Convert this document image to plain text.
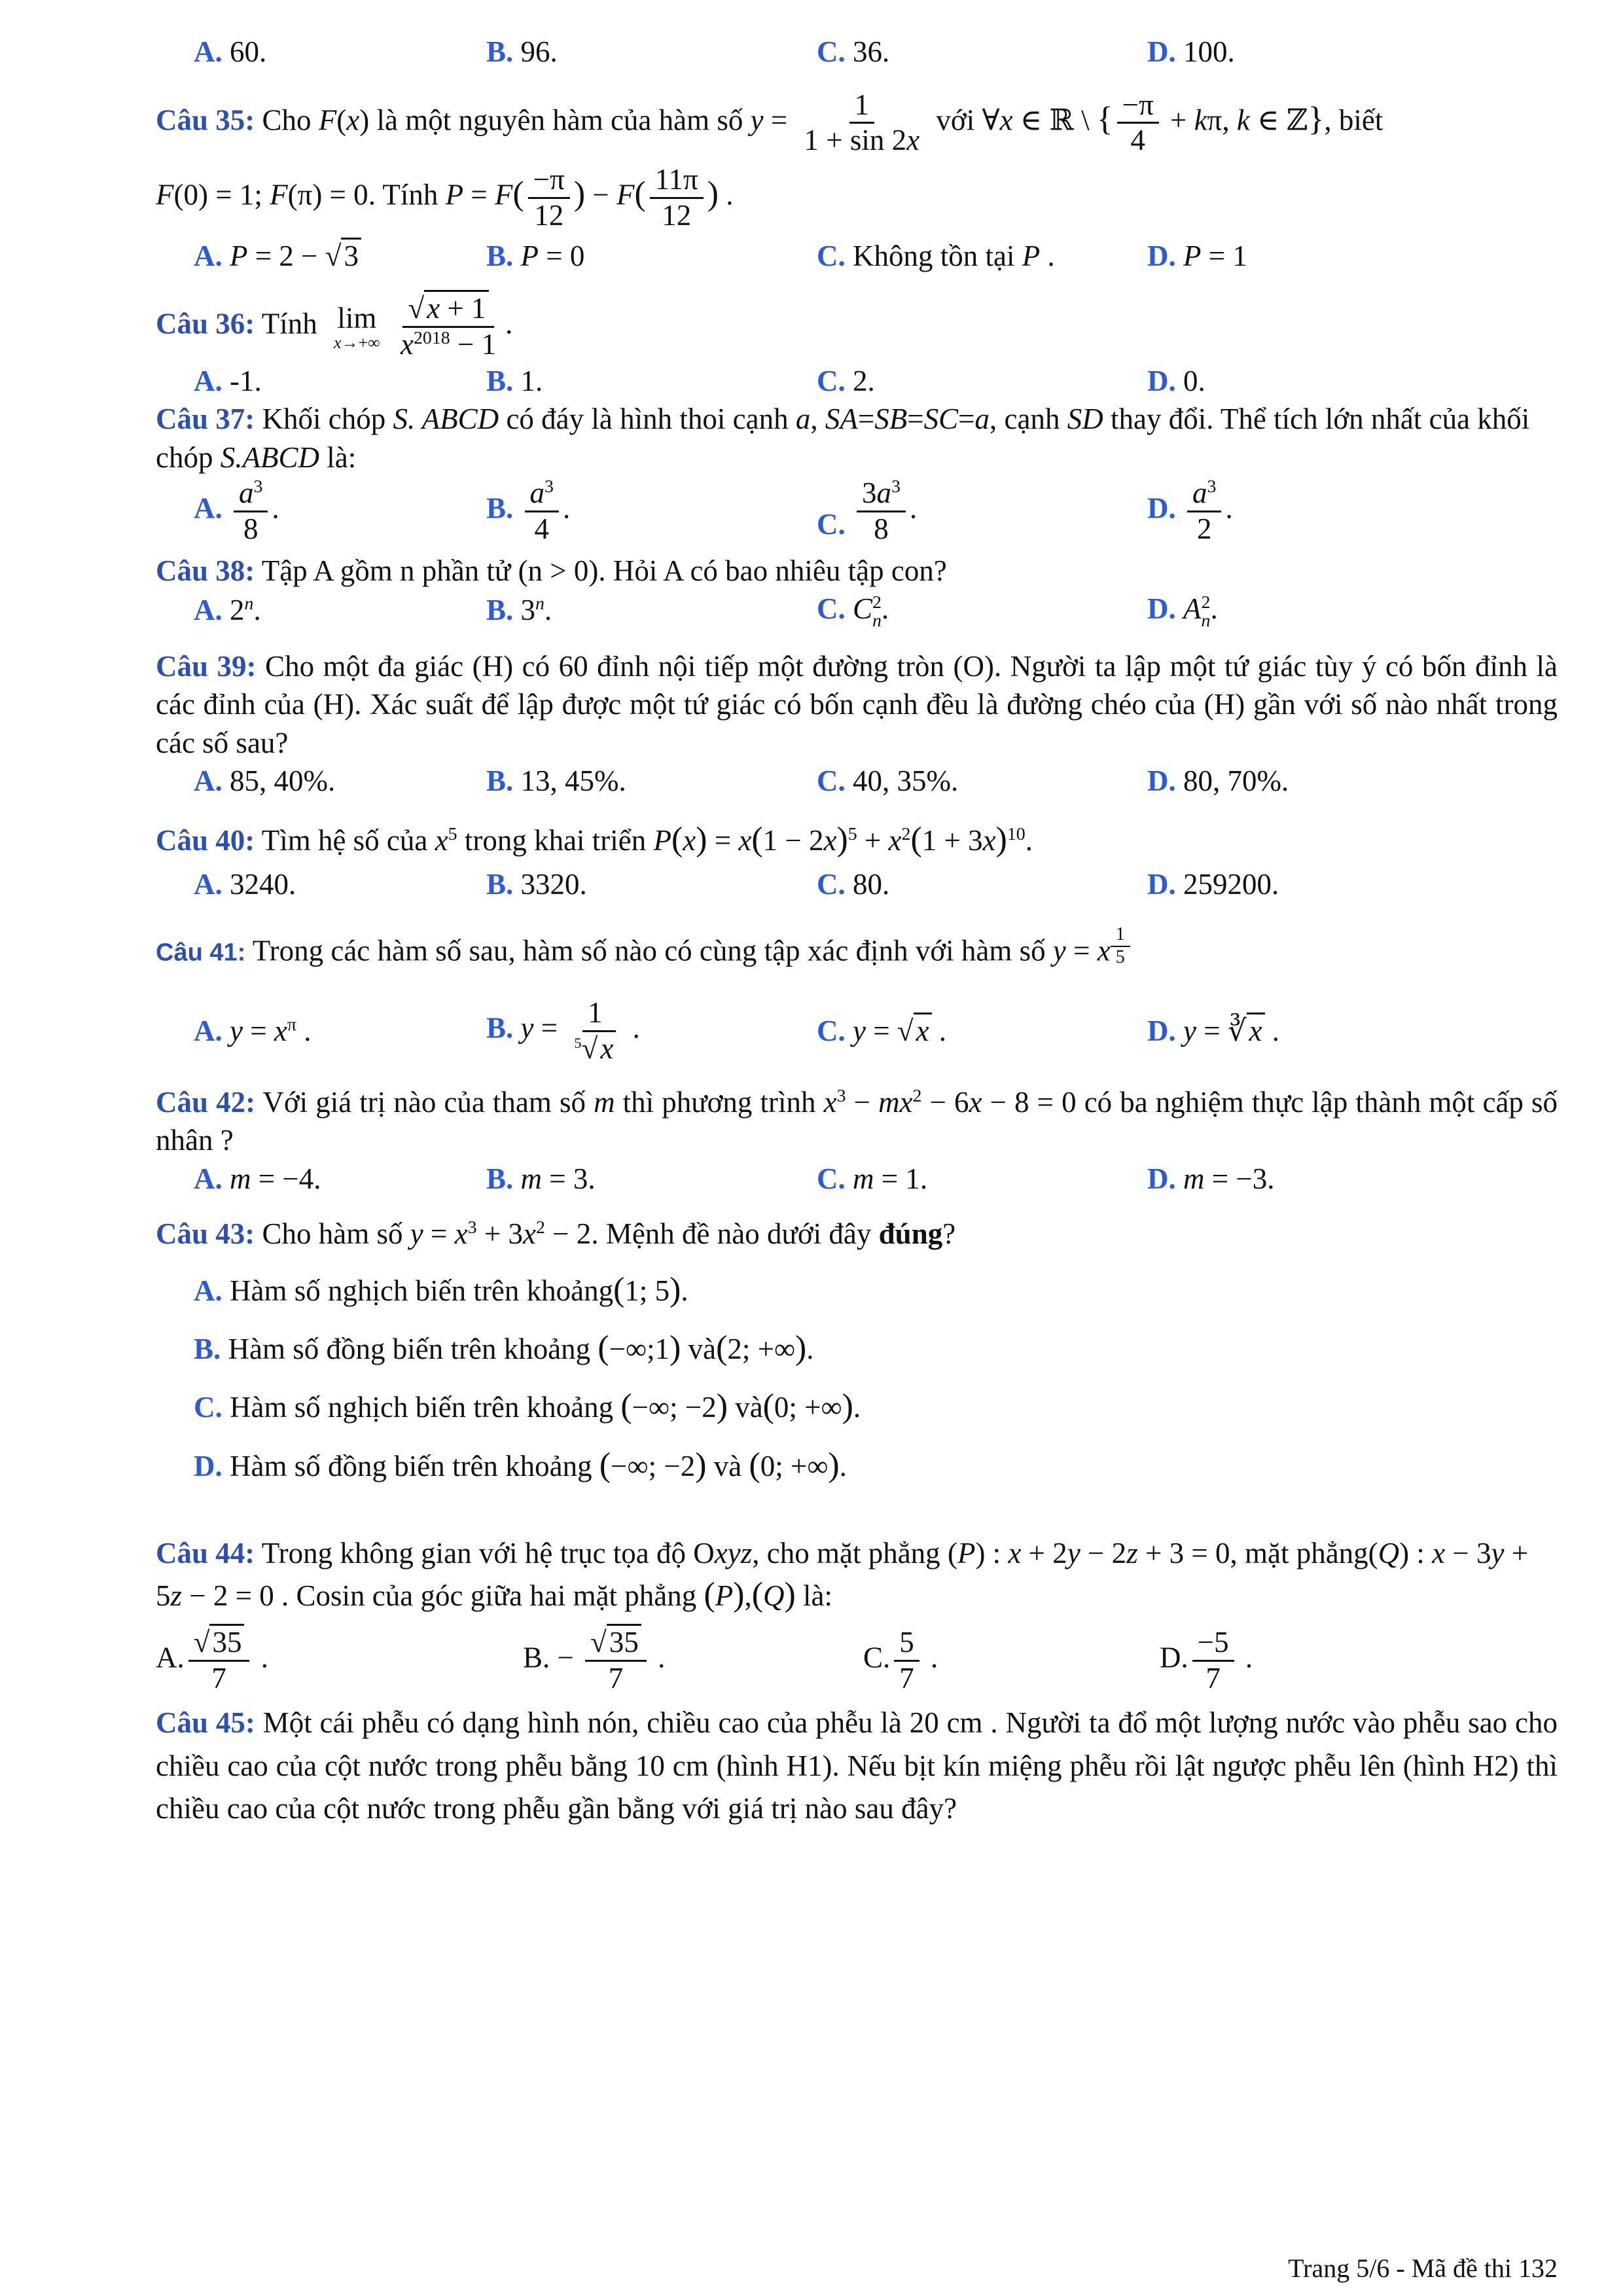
A. 60.	B. 96.	C. 36.	D. 100.
Câu 35: Cho F(x) là một nguyên hàm của hàm số $y = \frac{1}{1 + \sin 2x}$ với ∀x ∈ ℝ \ { $\frac{-\pi}{4} + k\pi$, k ∈ ℤ}, biết
F(0) = 1; F(π) = 0. Tính $P = F( \frac{-\pi}{12}$ ) − $F( \frac{11\pi}{12}$ ) .
A. P = 2 − √3	B. P = 0	C. Không tồn tại P .	D. P = 1
Câu 36: Tính lim
x→+∞
$\frac{√x + 1}{x^{2018} - 1}$ .
A. -1.	B. 1.	C. 2.	D. 0.
Câu 37: Khối chóp S. ABCD có đáy là hình thoi cạnh a, SA=SB=SC=a, cạnh SD thay đổi. Thể tích lớn nhất của khối chóp S.ABCD là:
A. $\frac{a^3}{8}$ .	B. $\frac{a^3}{4}$ .	C. $\frac{3a^3}{8}$ .	D. $\frac{a^3}{2}$ .
Câu 38: Tập A gồm n phần tử (n > 0). Hỏi A có bao nhiêu tập con?
A. 2$^n$.	B. 3$^n$.	C. C 2
n .	D. A 2
n .
Câu 39: Cho một đa giác (H) có 60 đỉnh nội tiếp một đường tròn (O). Người ta lập một tứ giác tùy ý có bốn đỉnh là các đỉnh của (H). Xác suất để lập được một tứ giác có bốn cạnh đều là đường chéo của (H) gần với số nào nhất trong các số sau?
A. 85, 40%.	B. 13, 45%.	C. 40, 35%.	D. 80, 70%.
Câu 40: Tìm hệ số của $x^5$ trong khai triển $P(x) = x(1 - 2x)^5 + x^2(1 + 3x)^{10}$.
A. 3240.	B. 3320.	C. 80.	D. 259200.
Câu 41: Trong các hàm số sau, hàm số nào có cùng tập xác định với hàm số y = x $^{\frac{1}{5}}$
A. $y = x^\pi$ .	B. $y = \frac{1}{^5√x}$ .	C. y = √x .	D. y = ∛x .
Câu 42: Với giá trị nào của tham số m thì phương trình $x^3 - mx^2 - 6x - 8 = 0$ có ba nghiệm thực lập thành một cấp số nhân ?
A. m = −4.	B. m = 3.	C. m = 1.	D. m = −3.
Câu 43: Cho hàm số $y = x^3 + 3x^2 - 2$. Mệnh đề nào dưới đây đúng?
A. Hàm số nghịch biến trên khoảng(1; 5).
B. Hàm số đồng biến trên khoảng (−∞;1) và(2; +∞).
C. Hàm số nghịch biến trên khoảng (−∞; −2) và(0; +∞).
D. Hàm số đồng biến trên khoảng (−∞; −2) và (0; +∞).
Câu 44: Trong không gian với hệ trục tọa độ Oxyz, cho mặt phẳng (P) : x + 2y − 2z + 3 = 0, mặt phẳng(Q) : x − 3y + 5z − 2 = 0 . Cosin của góc giữa hai mặt phẳng (P),(Q) là:
A. $\frac{√35}{7}$ .	B. − $\frac{√35}{7}$ .	C. $\frac{5}{7}$ .	D. $\frac{-5}{7}$ .
Câu 45: Một cái phễu có dạng hình nón, chiều cao của phễu là 20 cm . Người ta đổ một lượng nước vào phễu sao cho chiều cao của cột nước trong phễu bằng 10 cm (hình H1). Nếu bịt kín miệng phễu rồi lật ngược phễu lên (hình H2) thì chiều cao của cột nước trong phễu gần bằng với giá trị nào sau đây?
Trang 5/6 - Mã đề thi 132
